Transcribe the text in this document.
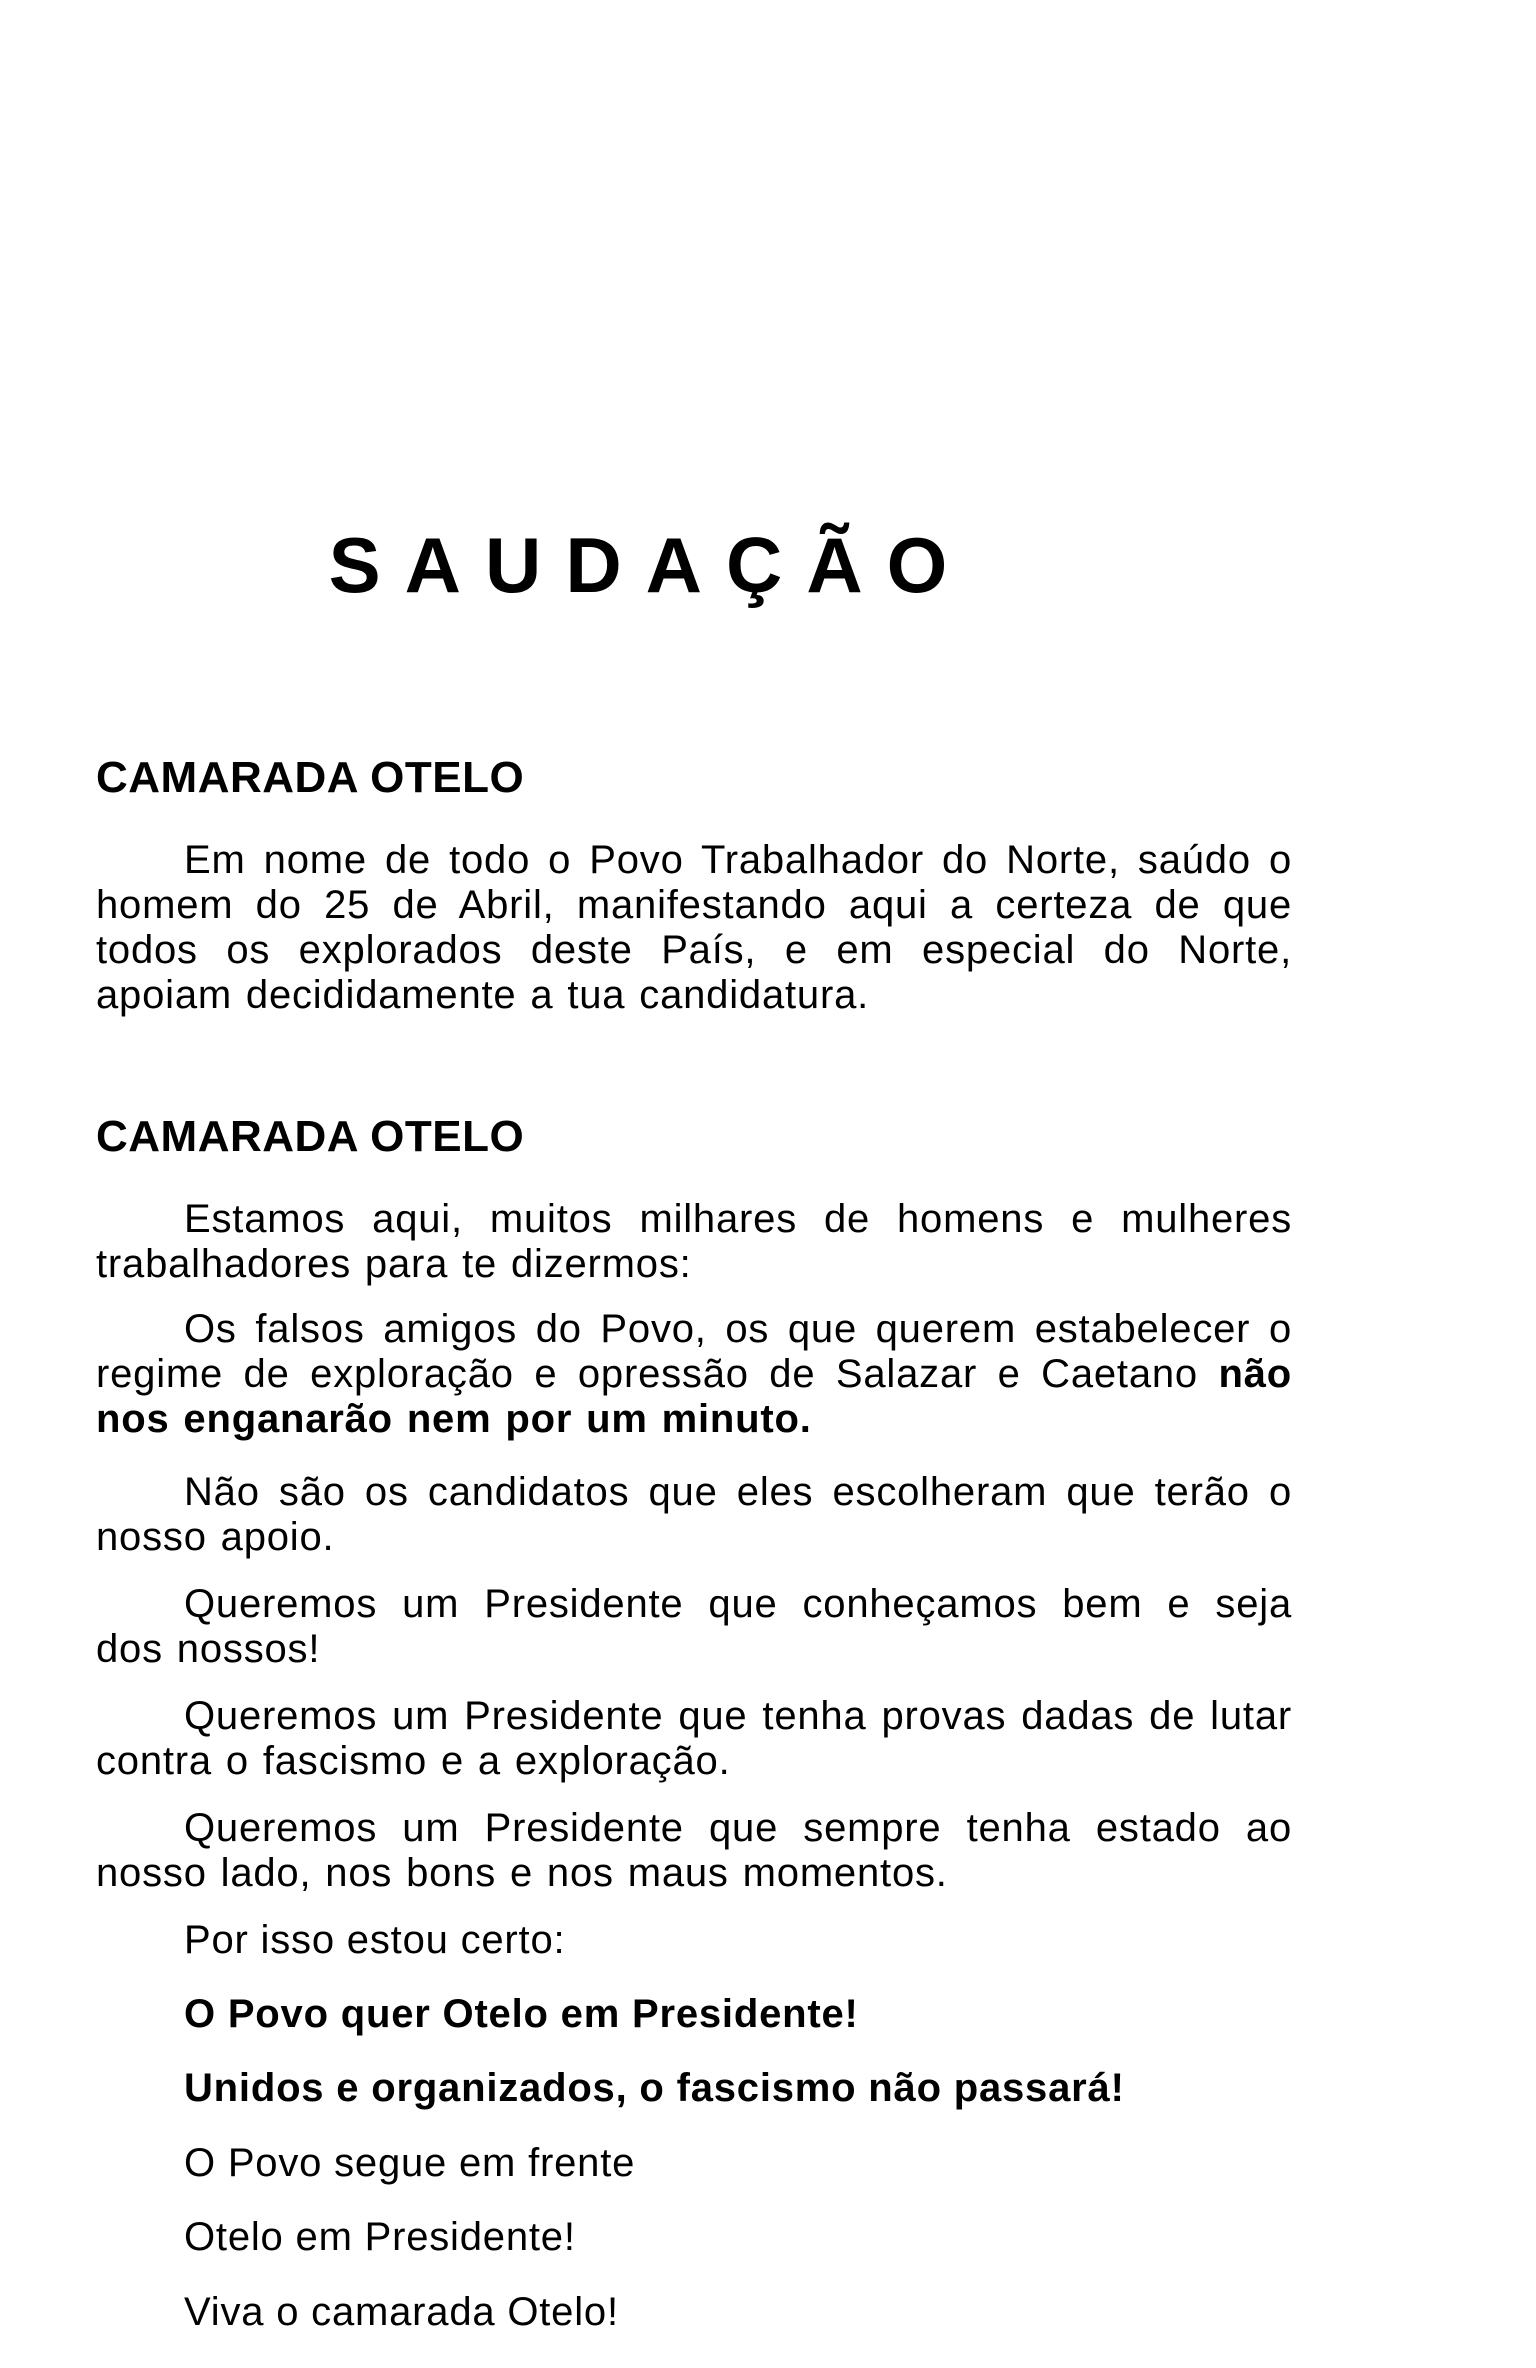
SAUDAÇÃO
CAMARADA OTELO

Em nome de todo o Povo Trabalhador do Norte, saúdo o homem do 25 de Abril, manifestando aqui a certeza de que todos os explorados deste País, e em especial do Norte, apoiam decididamente a tua candidatura.

CAMARADA OTELO

Estamos aqui, muitos milhares de homens e mulheres trabalhadores para te dizermos:

Os falsos amigos do Povo, os que querem estabelecer o regime de exploração e opressão de Salazar e Caetano não nos enganarão nem por um minuto.

Não são os candidatos que eles escolheram que terão o nosso apoio.

Queremos um Presidente que conheçamos bem e seja dos nossos!

Queremos um Presidente que tenha provas dadas de lutar contra o fascismo e a exploração.

Queremos um Presidente que sempre tenha estado ao nosso lado, nos bons e nos maus momentos.

Por isso estou certo:
O Povo quer Otelo em Presidente!
Unidos e organizados, o fascismo não passará!
O Povo segue em frente
Otelo em Presidente!
Viva o camarada Otelo!
